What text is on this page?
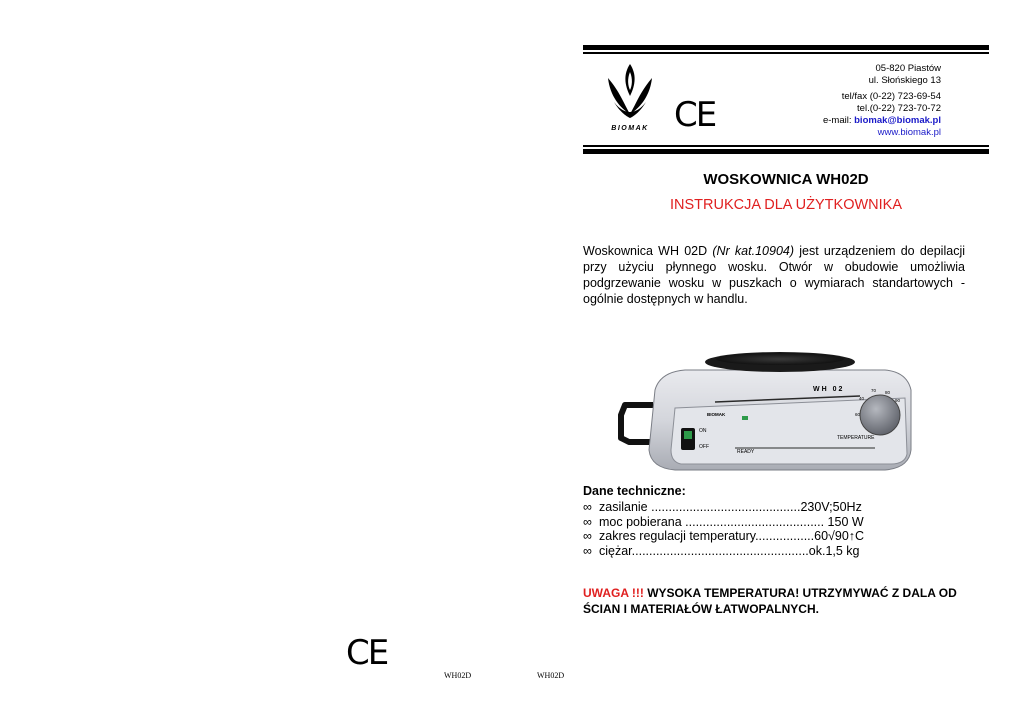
BIOMAK CE
05-820 Piastów
ul. Słońskiego 13
tel/fax (0-22) 723-69-54
tel.(0-22) 723-70-72
e-mail: biomak@biomak.pl
www.biomak.pl
WOSKOWNICA WH02D
INSTRUKCJA DLA UŻYTKOWNIKA
Woskownica WH 02D (Nr kat.10904) jest urządzeniem do depilacji przy użyciu płynnego wosku. Otwór w obudowie umożliwia podgrzewanie wosku w puszkach o wymiarach standartowych - ogólnie dostępnych w handlu.
WH 02
BIOMAK
ON
OFF
READY
TEMPERATURE
60
40
70 80
90
Dane techniczne:
∞ zasilanie ...........................................230V;50Hz
∞ moc pobierana ........................................ 150 W
∞ zakres regulacji temperatury.................60√90↑C
∞ ciężar...................................................ok.1,5 kg
UWAGA !!! WYSOKA TEMPERATURA! UTRZYMYWAĆ Z DALA OD ŚCIAN I MATERIAŁÓW ŁATWOPALNYCH.
CE
WH02D	WH02D
